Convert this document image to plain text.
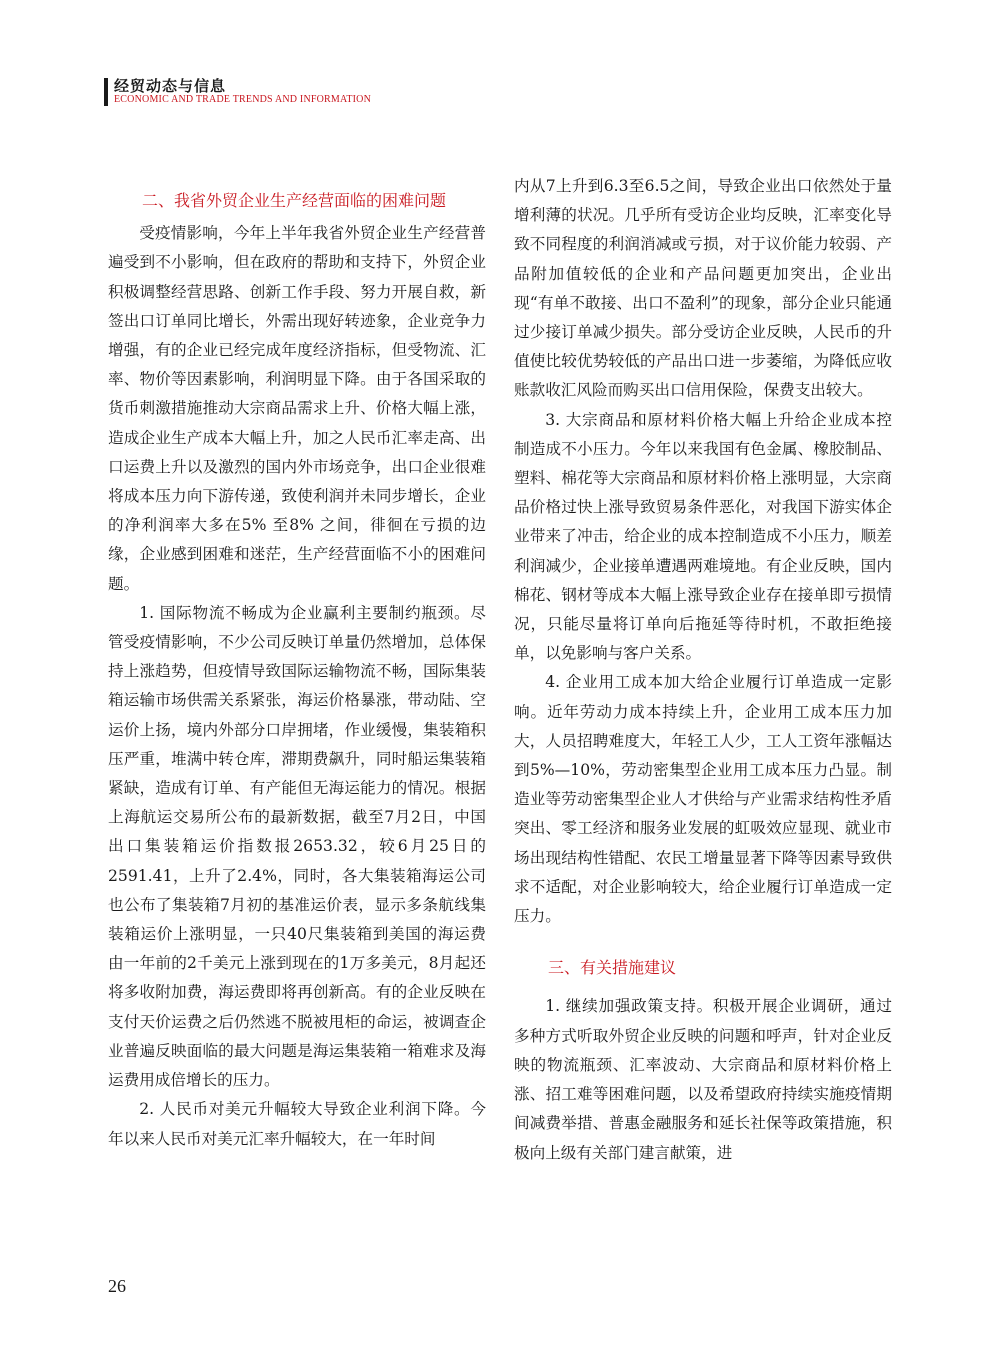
经贸动态与信息
ECONOMIC AND TRADE TRENDS AND INFORMATION
二、我省外贸企业生产经营面临的困难问题

受疫情影响，今年上半年我省外贸企业生产经营普遍受到不小影响，但在政府的帮助和支持下，外贸企业积极调整经营思路、创新工作手段、努力开展自救，新签出口订单同比增长，外需出现好转迹象，企业竞争力增强，有的企业已经完成年度经济指标，但受物流、汇率、物价等因素影响，利润明显下降。由于各国采取的货币刺激措施推动大宗商品需求上升、价格大幅上涨，造成企业生产成本大幅上升，加之人民币汇率走高、出口运费上升以及激烈的国内外市场竞争，出口企业很难将成本压力向下游传递，致使利润并未同步增长，企业的净利润率大多在5% 至8% 之间，徘徊在亏损的边缘，企业感到困难和迷茫，生产经营面临不小的困难问题。

1. 国际物流不畅成为企业赢利主要制约瓶颈。尽管受疫情影响，不少公司反映订单量仍然增加，总体保持上涨趋势，但疫情导致国际运输物流不畅，国际集装箱运输市场供需关系紧张，海运价格暴涨，带动陆、空运价上扬，境内外部分口岸拥堵，作业缓慢，集装箱积压严重，堆满中转仓库，滞期费飙升，同时船运集装箱紧缺，造成有订单、有产能但无海运能力的情况。根据上海航运交易所公布的最新数据，截至7月2日，中国出口集装箱运价指数报2653.32，较6月25日的2591.41，上升了2.4%，同时，各大集装箱海运公司也公布了集装箱7月初的基准运价表，显示多条航线集装箱运价上涨明显，一只40尺集装箱到美国的海运费由一年前的2千美元上涨到现在的1万多美元，8月起还将多收附加费，海运费即将再创新高。有的企业反映在支付天价运费之后仍然逃不脱被甩柜的命运，被调查企业普遍反映面临的最大问题是海运集装箱一箱难求及海运费用成倍增长的压力。

2. 人民币对美元升幅较大导致企业利润下降。今年以来人民币对美元汇率升幅较大，在一年时间

内从7上升到6.3至6.5之间，导致企业出口依然处于量增利薄的状况。几乎所有受访企业均反映，汇率变化导致不同程度的利润消减或亏损，对于议价能力较弱、产品附加值较低的企业和产品问题更加突出，企业出现“有单不敢接、出口不盈利”的现象，部分企业只能通过少接订单减少损失。部分受访企业反映，人民币的升值使比较优势较低的产品出口进一步萎缩，为降低应收账款收汇风险而购买出口信用保险，保费支出较大。

3. 大宗商品和原材料价格大幅上升给企业成本控制造成不小压力。今年以来我国有色金属、橡胶制品、塑料、棉花等大宗商品和原材料价格上涨明显，大宗商品价格过快上涨导致贸易条件恶化，对我国下游实体企业带来了冲击，给企业的成本控制造成不小压力，顺差利润减少，企业接单遭遇两难境地。有企业反映，国内棉花、钢材等成本大幅上涨导致企业存在接单即亏损情况，只能尽量将订单向后拖延等待时机，不敢拒绝接单，以免影响与客户关系。

4. 企业用工成本加大给企业履行订单造成一定影响。近年劳动力成本持续上升，企业用工成本压力加大，人员招聘难度大，年轻工人少，工人工资年涨幅达到5%—10%，劳动密集型企业用工成本压力凸显。制造业等劳动密集型企业人才供给与产业需求结构性矛盾突出、零工经济和服务业发展的虹吸效应显现、就业市场出现结构性错配、农民工增量显著下降等因素导致供求不适配，对企业影响较大，给企业履行订单造成一定压力。

三、有关措施建议

1. 继续加强政策支持。积极开展企业调研，通过多种方式听取外贸企业反映的问题和呼声，针对企业反映的物流瓶颈、汇率波动、大宗商品和原材料价格上涨、招工难等困难问题，以及希望政府持续实施疫情期间减费举措、普惠金融服务和延长社保等政策措施，积极向上级有关部门建言献策，进

26
